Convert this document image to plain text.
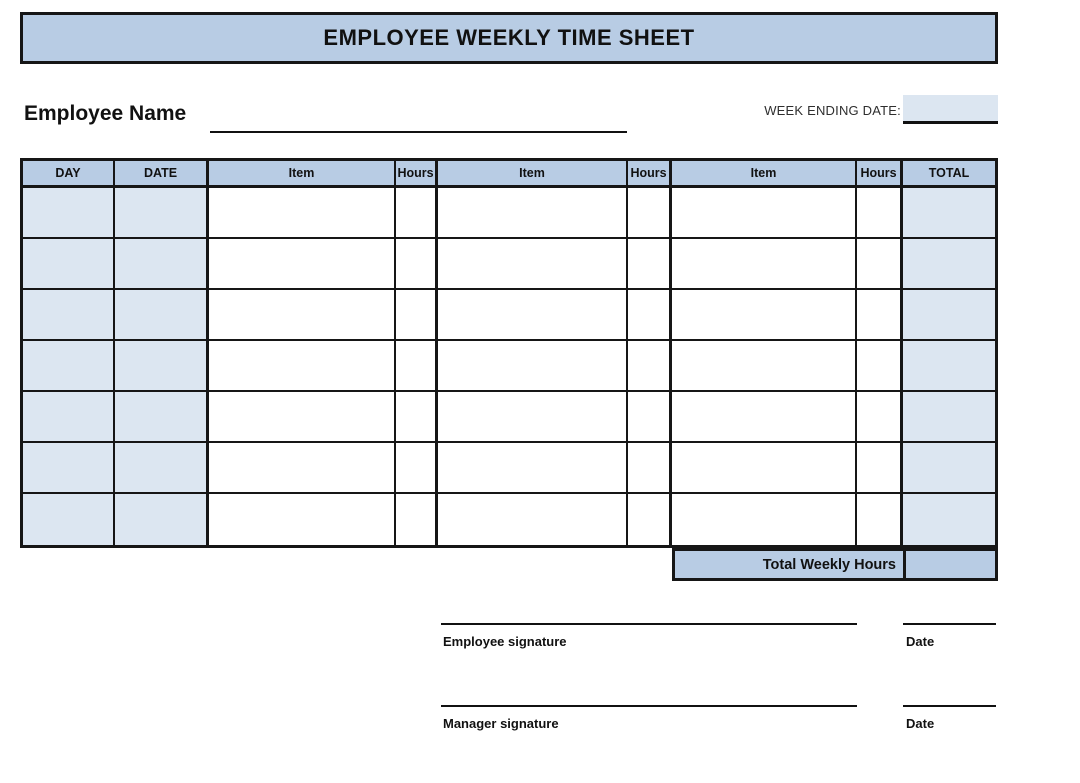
EMPLOYEE WEEKLY TIME SHEET
Employee Name	WEEK ENDING DATE:
DAY	DATE	Item	Hours	Item	Hours	Item	Hours	TOTAL
Total Weekly Hours
Employee signature	Date
Manager signature	Date
